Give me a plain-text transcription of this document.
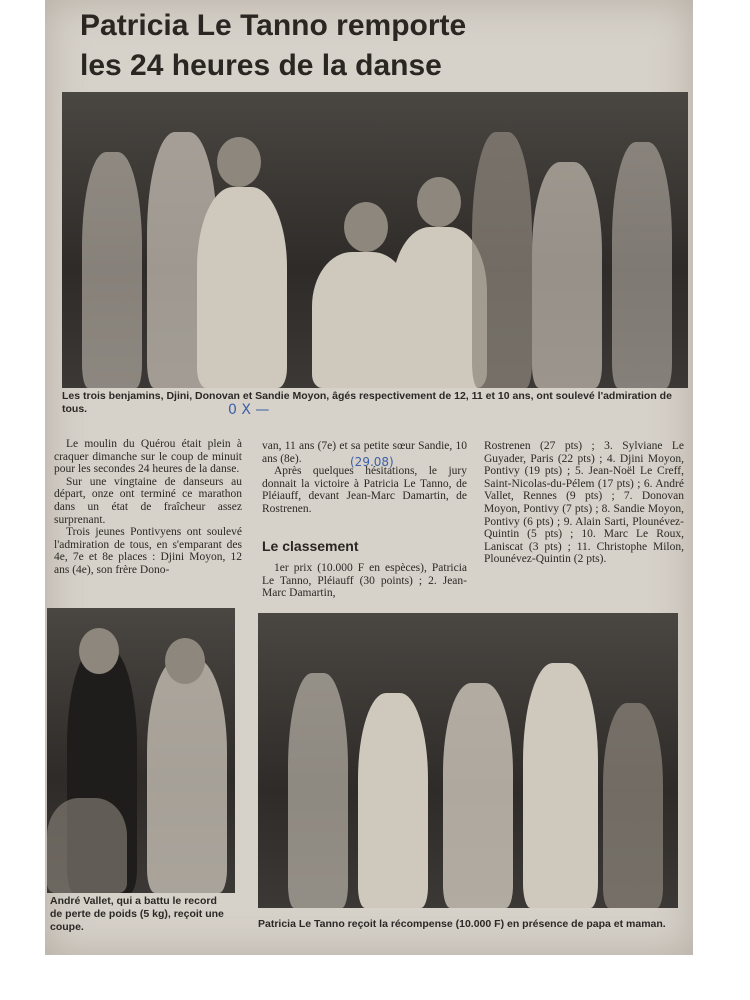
Patricia Le Tanno remporte
les 24 heures de la danse

Les trois benjamins, Djini, Donovan et Sandie Moyon, âgés respectivement de 12, 11 et 10 ans, ont soulevé l'admiration de tous.	0 X —

Le moulin du Quérou était plein à craquer dimanche sur le coup de minuit pour les secondes 24 heures de la danse.

Sur une vingtaine de danseurs au départ, onze ont terminé ce marathon dans un état de fraîcheur assez surprenant.

Trois jeunes Pontivyens ont soulevé l'admiration de tous, en s'emparant des 4e, 7e et 8e places : Djini Moyon, 12 ans (4e), son frère Dono-

van, 11 ans (7e) et sa petite sœur Sandie, 10 ans (8e).

Après quelques hésitations, le jury donnait la victoire à Patricia Le Tanno, de Pléiauff, devant Jean-Marc Damartin, de Rostrenen.

(29.08)
Le classement

1er prix (10.000 F en espèces), Patricia Le Tanno, Pléiauff (30 points) ; 2. Jean-Marc Damartin,

Rostrenen (27 pts) ; 3. Sylviane Le Guyader, Paris (22 pts) ; 4. Djini Moyon, Pontivy (19 pts) ; 5. Jean-Noël Le Creff, Saint-Nicolas-du-Pélem (17 pts) ; 6. André Vallet, Rennes (9 pts) ; 7. Donovan Moyon, Pontivy (7 pts) ; 8. Sandie Moyon, Pontivy (6 pts) ; 9. Alain Sarti, Plounévez-Quintin (5 pts) ; 10. Marc Le Roux, Laniscat (3 pts) ; 11. Christophe Milon, Plounévez-Quintin (2 pts).

André Vallet, qui a battu le record de perte de poids (5 kg), reçoit une coupe.	Patricia Le Tanno reçoit la récompense (10.000 F) en présence de papa et maman.
